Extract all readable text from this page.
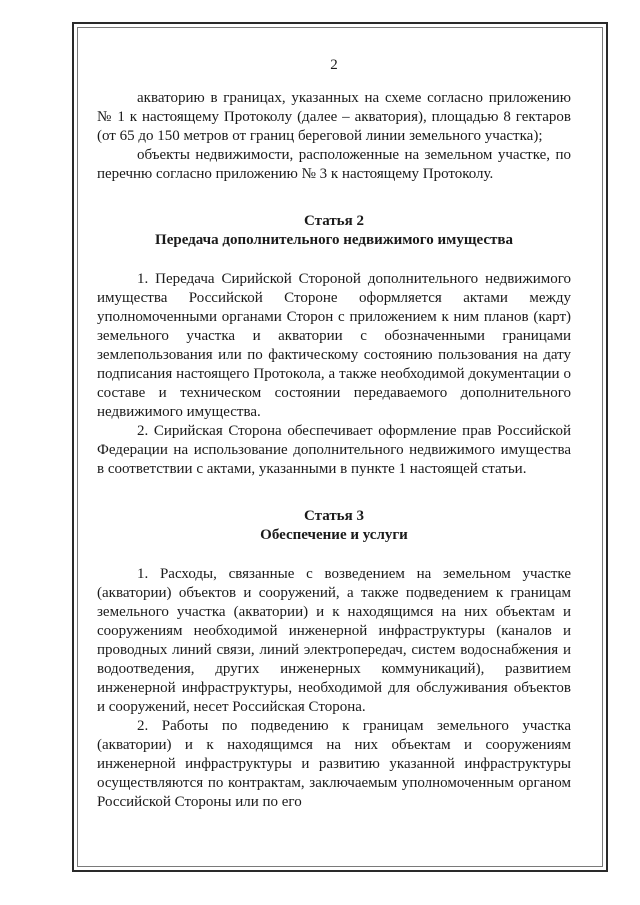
2

акваторию в границах, указанных на схеме согласно приложению № 1 к настоящему Протоколу (далее – акватория), площадью 8 гектаров (от 65 до 150 метров от границ береговой линии земельного участка);

объекты недвижимости, расположенные на земельном участке, по перечню согласно приложению № 3 к настоящему Протоколу.

Статья 2
Передача дополнительного недвижимого имущества

1. Передача Сирийской Стороной дополнительного недвижимого имущества Российской Стороне оформляется актами между уполномоченными органами Сторон с приложением к ним планов (карт) земельного участка и акватории с обозначенными границами землепользования или по фактическому состоянию пользования на дату подписания настоящего Протокола, а также необходимой документации о составе и техническом состоянии передаваемого дополнительного недвижимого имущества.

2. Сирийская Сторона обеспечивает оформление прав Российской Федерации на использование дополнительного недвижимого имущества в соответствии с актами, указанными в пункте 1 настоящей статьи.

Статья 3
Обеспечение и услуги

1. Расходы, связанные с возведением на земельном участке (акватории) объектов и сооружений, а также подведением к границам земельного участка (акватории) и к находящимся на них объектам и сооружениям необходимой инженерной инфраструктуры (каналов и проводных линий связи, линий электропередач, систем водоснабжения и водоотведения, других инженерных коммуникаций), развитием инженерной инфраструктуры, необходимой для обслуживания объектов и сооружений, несет Российская Сторона.

2. Работы по подведению к границам земельного участка (акватории) и к находящимся на них объектам и сооружениям инженерной инфраструктуры и развитию указанной инфраструктуры осуществляются по контрактам, заключаемым уполномоченным органом Российской Стороны или по его
